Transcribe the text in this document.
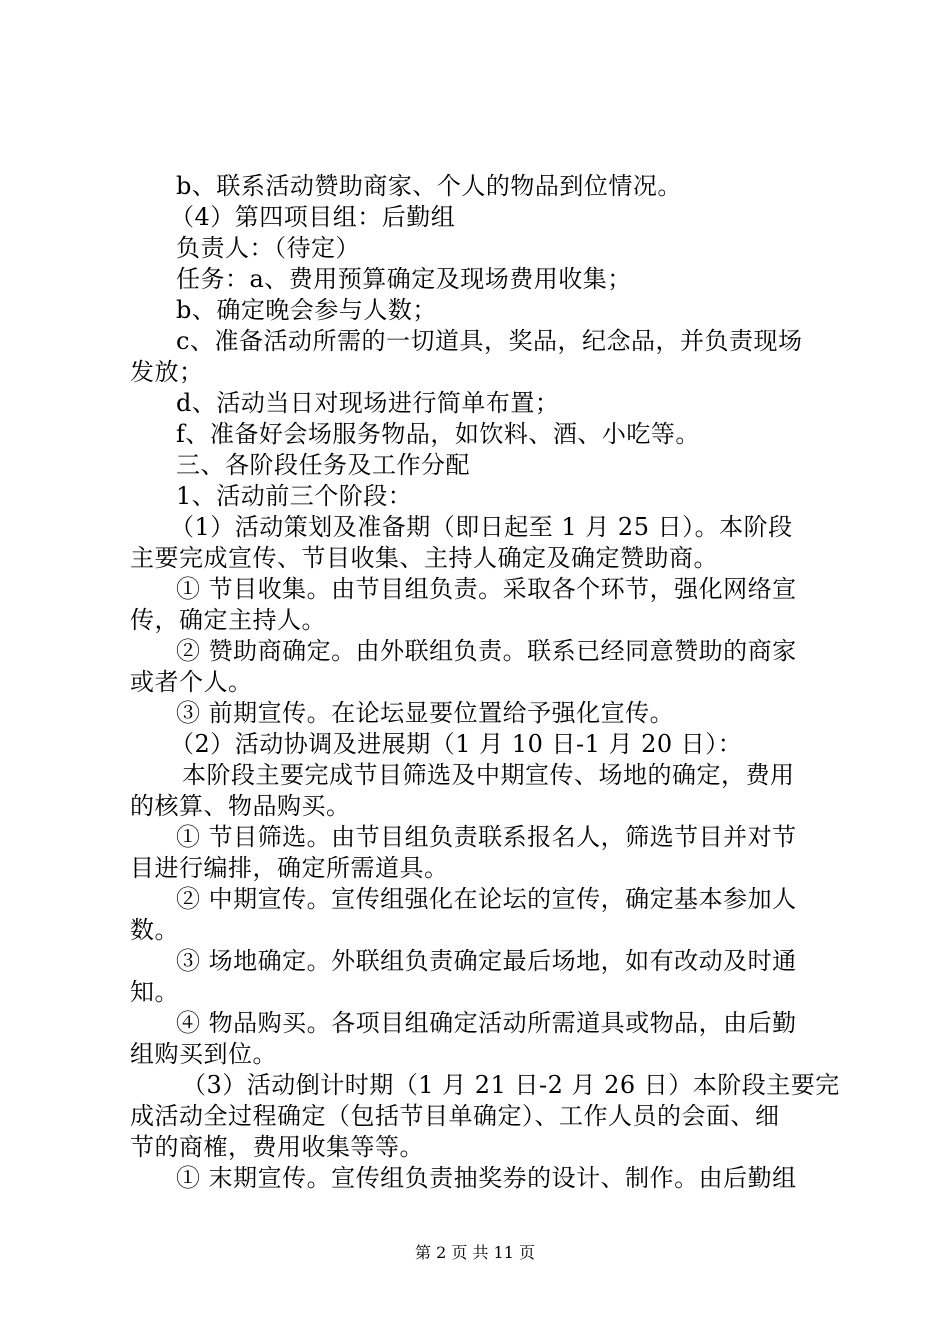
b、联系活动赞助商家、个人的物品到位情况。
（4）第四项目组：后勤组
负责人：（待定）
任务：a、费用预算确定及现场费用收集；
b、确定晚会参与人数；
c、准备活动所需的一切道具，奖品，纪念品，并负责现场
发放；
d、活动当日对现场进行简单布置；
f、准备好会场服务物品，如饮料、酒、小吃等。
三、各阶段任务及工作分配
1、活动前三个阶段：
（1）活动策划及准备期（即日起至 1 月 25 日）。本阶段
主要完成宣传、节目收集、主持人确定及确定赞助商。
① 节目收集。由节目组负责。采取各个环节，强化网络宣
传，确定主持人。
② 赞助商确定。由外联组负责。联系已经同意赞助的商家
或者个人。
③ 前期宣传。在论坛显要位置给予强化宣传。
（2）活动协调及进展期（1 月 10 日-1 月 20 日）：
本阶段主要完成节目筛选及中期宣传、场地的确定，费用
的核算、物品购买。
① 节目筛选。由节目组负责联系报名人，筛选节目并对节
目进行编排，确定所需道具。
② 中期宣传。宣传组强化在论坛的宣传，确定基本参加人
数。
③ 场地确定。外联组负责确定最后场地，如有改动及时通
知。
④ 物品购买。各项目组确定活动所需道具或物品，由后勤
组购买到位。
（3）活动倒计时期（1 月 21 日-2 月 26 日）本阶段主要完
成活动全过程确定（包括节目单确定）、工作人员的会面、细
节的商榷，费用收集等等。
① 末期宣传。宣传组负责抽奖券的设计、制作。由后勤组
第 2 页 共 11 页
